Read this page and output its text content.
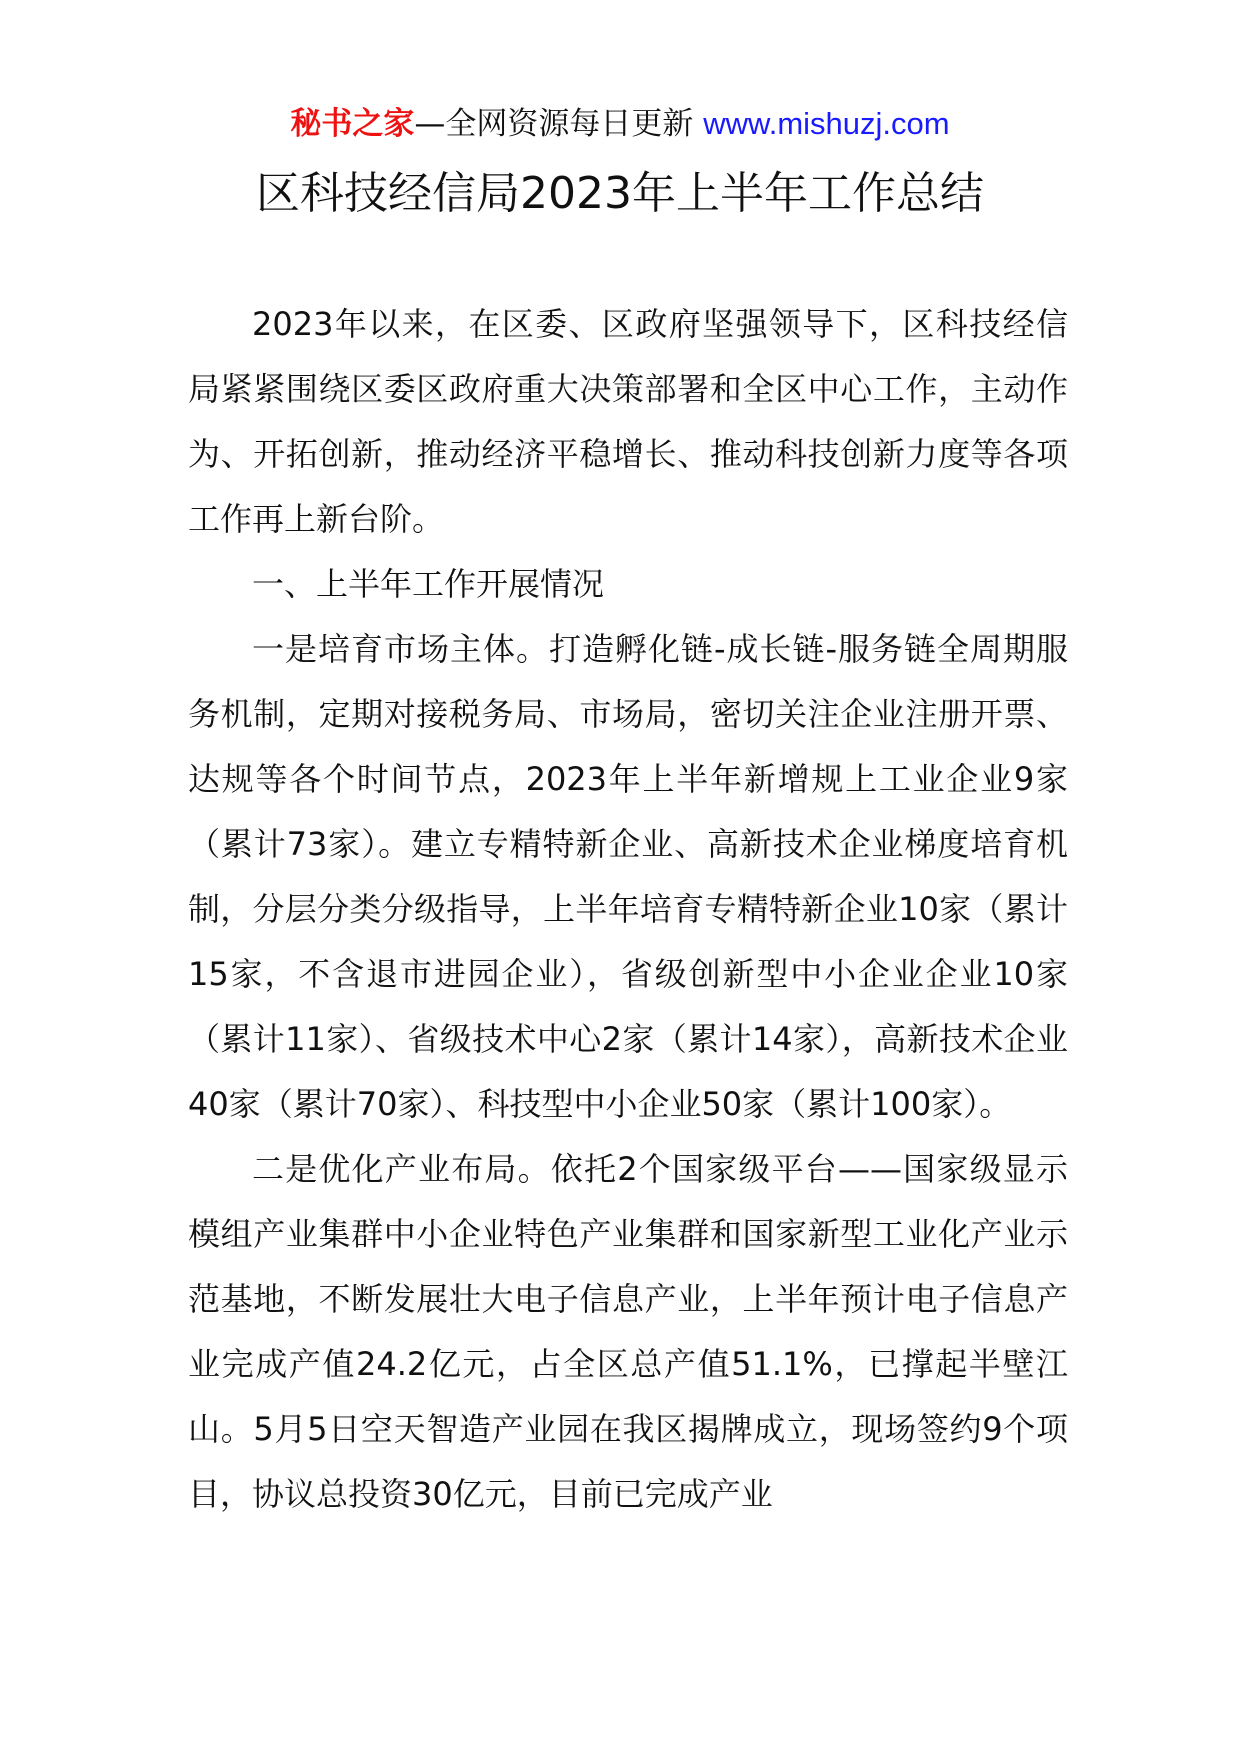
秘书之家—全网资源每日更新 www.mishuzj.com
区科技经信局2023年上半年工作总结

2023年以来，在区委、区政府坚强领导下，区科技经信局紧紧围绕区委区政府重大决策部署和全区中心工作，主动作为、开拓创新，推动经济平稳增长、推动科技创新力度等各项工作再上新台阶。

一、上半年工作开展情况

一是培育市场主体。打造孵化链-成长链-服务链全周期服务机制，定期对接税务局、市场局，密切关注企业注册开票、达规等各个时间节点，2023年上半年新增规上工业企业9家（累计73家）。建立专精特新企业、高新技术企业梯度培育机制，分层分类分级指导，上半年培育专精特新企业10家（累计15家，不含退市进园企业），省级创新型中小企业企业10家（累计11家）、省级技术中心2家（累计14家），高新技术企业40家（累计70家）、科技型中小企业50家（累计100家）。

二是优化产业布局。依托2个国家级平台——国家级显示模组产业集群中小企业特色产业集群和国家新型工业化产业示范基地，不断发展壮大电子信息产业，上半年预计电子信息产业完成产值24.2亿元，占全区总产值51.1%，已撑起半壁江山。5月5日空天智造产业园在我区揭牌成立，现场签约9个项目，协议总投资30亿元，目前已完成产业
